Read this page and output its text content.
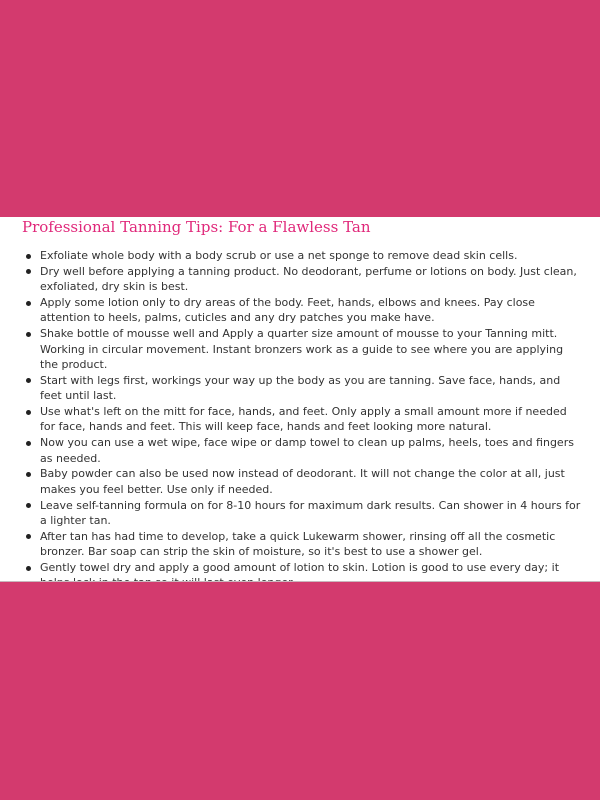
Professional Tanning Tips: For a Flawless Tan
Exfoliate whole body with a body scrub or use a net sponge to remove dead skin cells.
Dry well before applying a tanning product. No deodorant, perfume or lotions on body. Just clean, exfoliated, dry skin is best.
Apply some lotion only to dry areas of the body. Feet, hands, elbows and knees. Pay close attention to heels, palms, cuticles and any dry patches you make have.
Shake bottle of mousse well and Apply a quarter size amount of mousse to your Tanning mitt. Working in circular movement. Instant bronzers work as a guide to see where you are applying the product.
Start with legs first, workings your way up the body as you are tanning. Save face, hands, and feet until last.
Use what's left on the mitt for face, hands, and feet. Only apply a small amount more if needed for face, hands and feet. This will keep face, hands and feet looking more natural.
Now you can use a wet wipe, face wipe or damp towel to clean up palms, heels, toes and fingers as needed.
Baby powder can also be used now instead of deodorant. It will not change the color at all, just makes you feel better. Use only if needed.
Leave self-tanning formula on for 8-10 hours for maximum dark results. Can shower in 4 hours for a lighter tan.
After tan has had time to develop, take a quick Lukewarm shower, rinsing off all the cosmetic bronzer. Bar soap can strip the skin of moisture, so it's best to use a shower gel.
Gently towel dry and apply a good amount of lotion to skin. Lotion is good to use every day; it
